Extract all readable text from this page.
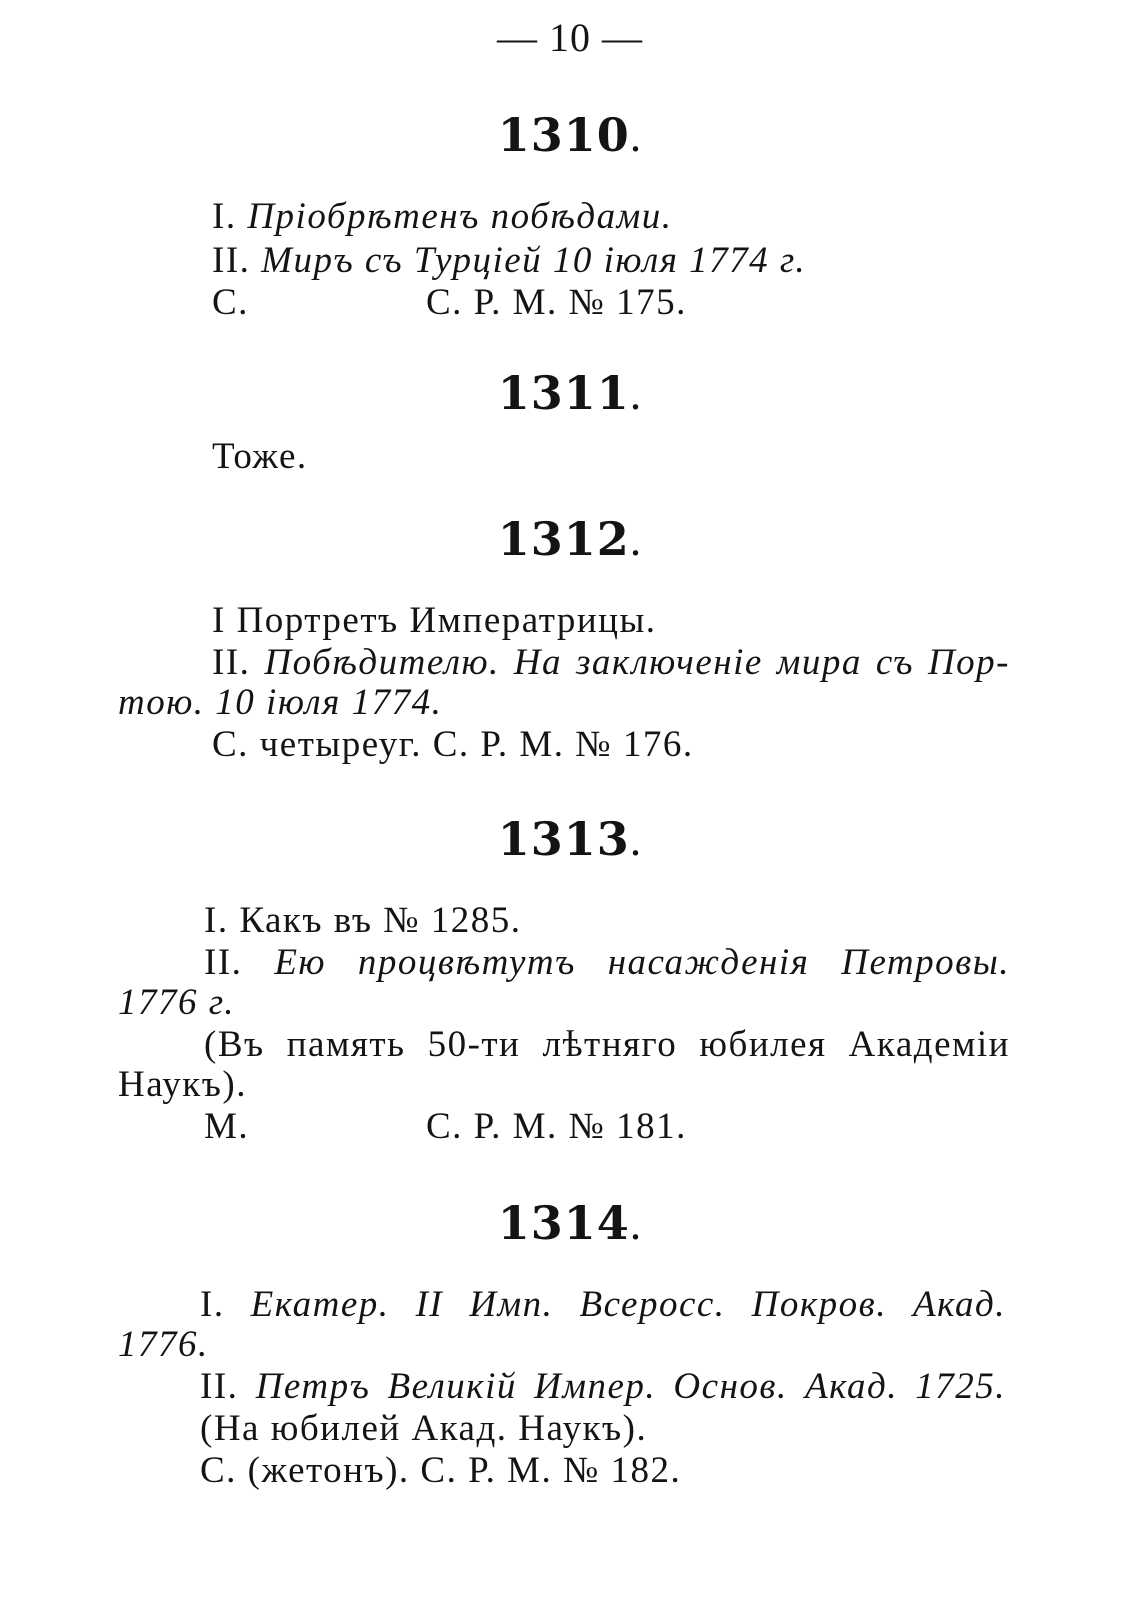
— 10 —
1310.
I. Пріобрѣтенъ побѣдами.
II. Миръ съ Турціей 10 іюля 1774 г.
С.	С. Р. М. № 175.
1311.
Тоже.
1312.
I Портретъ Императрицы.
II. Побѣдителю. На заключеніе мира съ Пор-
тою. 10 іюля 1774.
С. четыреуг. С. Р. М. № 176.
1313.
I. Какъ въ № 1285.
II. Ею процвѣтутъ насажденія Петровы.
1776 г.
(Въ память 50-ти лѣтняго юбилея Академіи
Наукъ).
М.	С. Р. М. № 181.
1314.
I. Екатер. II Имп. Всеросс. Покров. Акад.
1776.
II. Петръ Великій Импер. Основ. Акад. 1725.
(На юбилей Акад. Наукъ).
С. (жетонъ). С. Р. М. № 182.
